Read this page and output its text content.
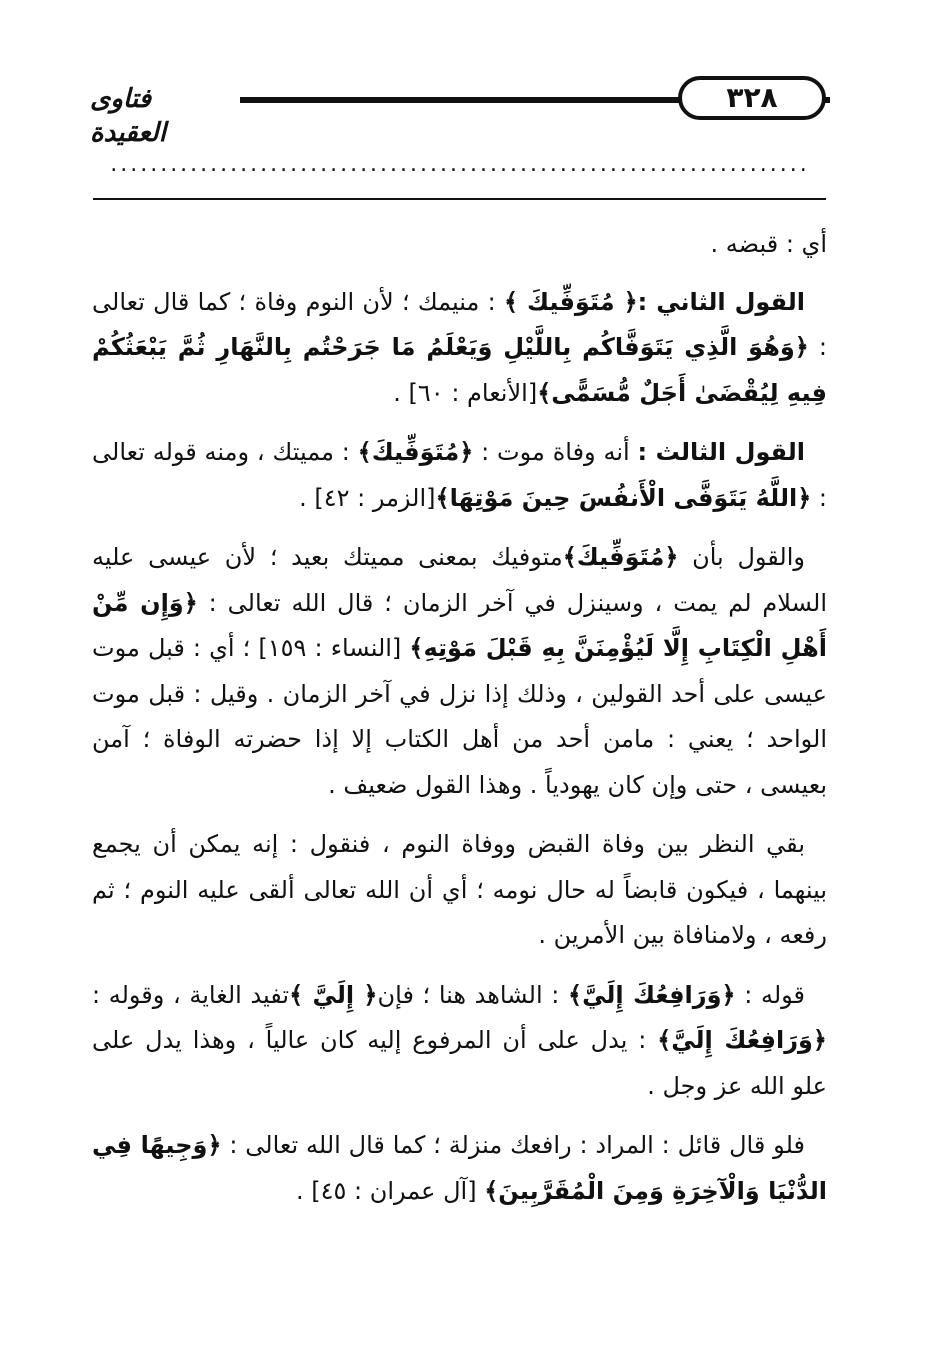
فتاوى العقيدة
٣٢٨
......................................................................

أي : قبضه .

القول الثاني :﴿ مُتَوَفِّيكَ ﴾ : منيمك ؛ لأن النوم وفاة ؛ كما قال تعالى : ﴿وَهُوَ الَّذِي يَتَوَفَّاكُم بِاللَّيْلِ وَيَعْلَمُ مَا جَرَحْتُم بِالنَّهَارِ ثُمَّ يَبْعَثُكُمْ فِيهِ لِيُقْضَىٰ أَجَلٌ مُّسَمًّى﴾[الأنعام : ٦٠] .

القول الثالث : أنه وفاة موت : ﴿مُتَوَفِّيكَ﴾ : مميتك ، ومنه قوله تعالى : ﴿اللَّهُ يَتَوَفَّى الْأَنفُسَ حِينَ مَوْتِهَا﴾[الزمر : ٤٢] .

والقول بأن ﴿مُتَوَفِّيكَ﴾متوفيك بمعنى مميتك بعيد ؛ لأن عيسى عليه السلام لم يمت ، وسينزل في آخر الزمان ؛ قال الله تعالى : ﴿وَإِن مِّنْ أَهْلِ الْكِتَابِ إِلَّا لَيُؤْمِنَنَّ بِهِ قَبْلَ مَوْتِهِ﴾ [النساء : ١٥٩] ؛ أي : قبل موت عيسى على أحد القولين ، وذلك إذا نزل في آخر الزمان . وقيل : قبل موت الواحد ؛ يعني : مامن أحد من أهل الكتاب إلا إذا حضرته الوفاة ؛ آمن بعيسى ، حتى وإن كان يهودياً . وهذا القول ضعيف .

بقي النظر بين وفاة القبض ووفاة النوم ، فنقول : إنه يمكن أن يجمع بينهما ، فيكون قابضاً له حال نومه ؛ أي أن الله تعالى ألقى عليه النوم ؛ ثم رفعه ، ولامنافاة بين الأمرين .

قوله : ﴿وَرَافِعُكَ إِلَيَّ﴾ : الشاهد هنا ؛ فإن﴿ إِلَيَّ ﴾تفيد الغاية ، وقوله : ﴿وَرَافِعُكَ إِلَيَّ﴾ : يدل على أن المرفوع إليه كان عالياً ، وهذا يدل على علو الله عز وجل .

فلو قال قائل : المراد : رافعك منزلة ؛ كما قال الله تعالى : ﴿وَجِيهًا فِي الدُّنْيَا وَالْآخِرَةِ وَمِنَ الْمُقَرَّبِينَ﴾ [آل عمران : ٤٥] .
